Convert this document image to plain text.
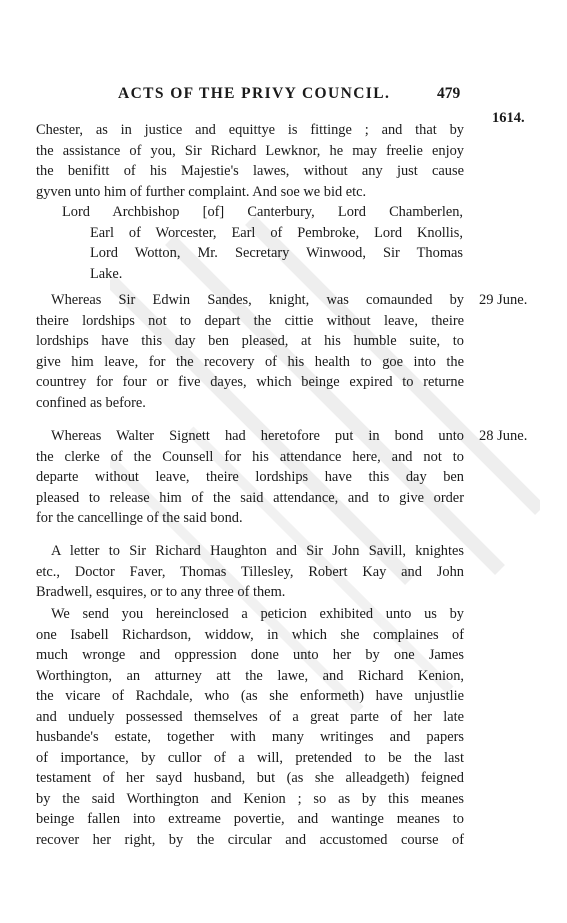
ACTS OF THE PRIVY COUNCIL.	479
1614.
Chester, as in justice and equittye is fittinge ; and that by
the assistance of you, Sir Richard Lewknor, he may freelie enjoy
the benifitt of his Majestie's lawes, without any just cause
gyven unto him of further complaint. And soe we bid etc.
Lord Archbishop [of] Canterbury, Lord Chamberlen,
Earl of Worcester, Earl of Pembroke, Lord Knollis,
Lord Wotton, Mr. Secretary Winwood, Sir Thomas
Lake.
29 June.
Whereas Sir Edwin Sandes, knight, was comaunded by
theire lordships not to depart the cittie without leave, theire
lordships have this day ben pleased, at his humble suite, to
give him leave, for the recovery of his health to goe into the
countrey for four or five dayes, which beinge expired to returne
confined as before.
28 June.
Whereas Walter Signett had heretofore put in bond unto
the clerke of the Counsell for his attendance here, and not to
departe without leave, theire lordships have this day ben
pleased to release him of the said attendance, and to give order
for the cancellinge of the said bond.
A letter to Sir Richard Haughton and Sir John Savill, knightes
etc., Doctor Faver, Thomas Tillesley, Robert Kay and John
Bradwell, esquires, or to any three of them.
We send you hereinclosed a peticion exhibited unto us by
one Isabell Richardson, widdow, in which she complaines of
much wronge and oppression done unto her by one James
Worthington, an atturney att the lawe, and Richard Kenion,
the vicare of Rachdale, who (as she enformeth) have unjustlie
and unduely possessed themselves of a great parte of her late
husbande's estate, together with many writinges and papers
of importance, by cullor of a will, pretended to be the last
testament of her sayd husband, but (as she alleadgeth) feigned
by the said Worthington and Kenion ; so as by this meanes
beinge fallen into extreame povertie, and wantinge meanes to
recover her right, by the circular and accustomed course of
